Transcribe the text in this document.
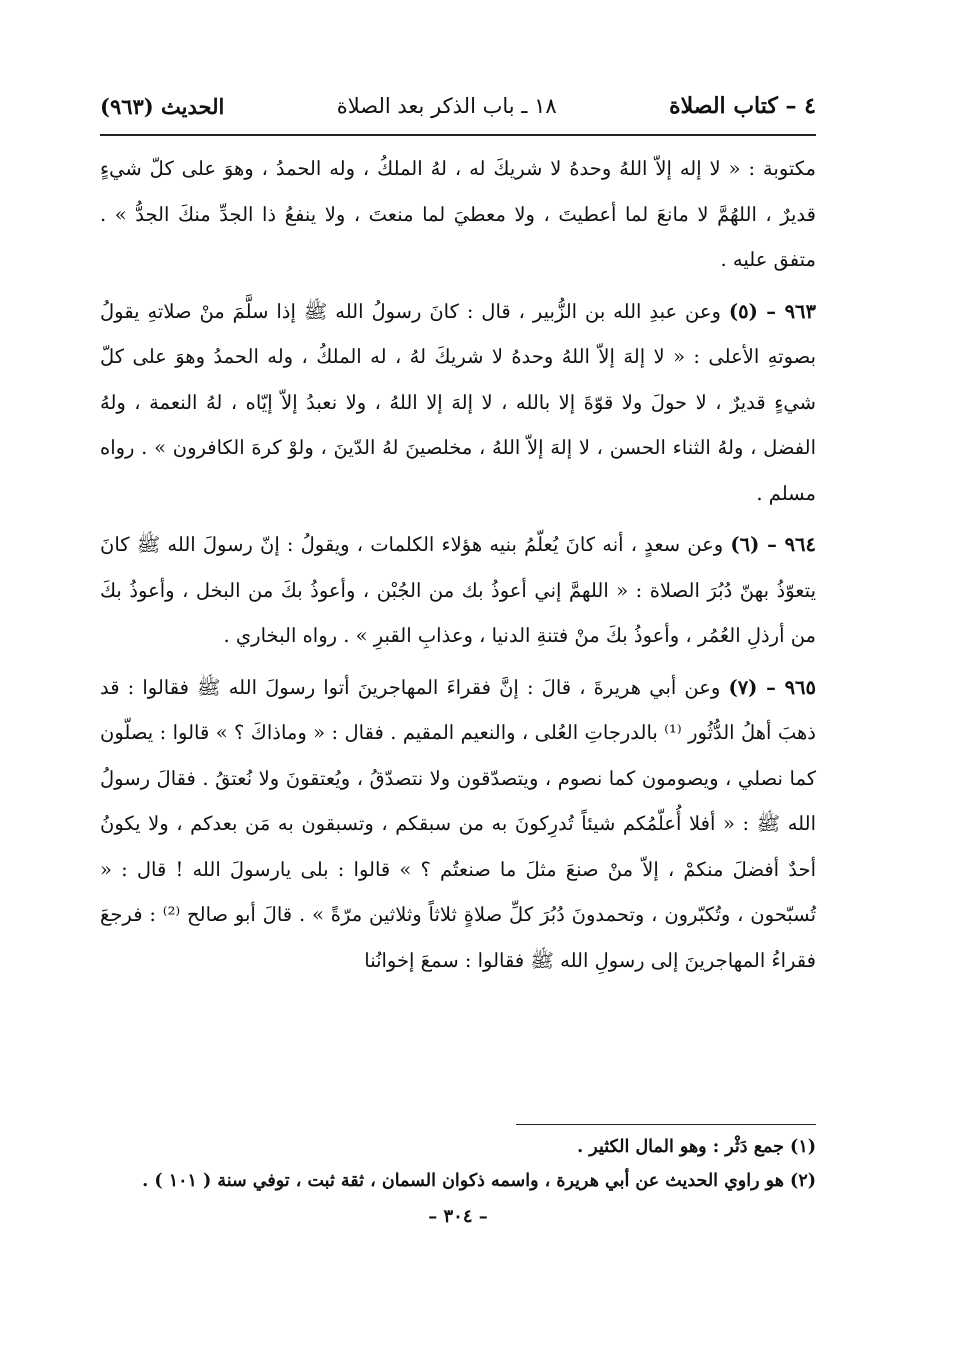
٤ – كتاب الصلاة
١٨ ـ باب الذكر بعد الصلاة
الحديث (٩٦٣)

مكتوبة : « لا إله إلاّ اللهُ وحدهُ لا شريكَ له ، لهُ الملكُ ، وله الحمدُ ، وهوَ على كلّ شيءٍ قديرٌ ، اللهُمَّ لا مانعَ لما أعطيتَ ، ولا معطيَ لما منعتَ ، ولا ينفعُ ذا الجدِّ منكَ الجدُّ » . متفق عليه .

٩٦٣ – (٥) وعن عبدِ الله بن الزُّبير ، قال : كانَ رسولُ الله ﷺ إذا سلَّمَ منْ صلاتهِ يقولُ بصوتهِ الأعلى : « لا إلهَ إلاّ اللهُ وحدهُ لا شريكَ لهُ ، له الملكُ ، وله الحمدُ وهوَ على كلّ شيءٍ قديرٌ ، لا حولَ ولا قوّةَ إلا بالله ، لا إلهَ إلا اللهُ ، ولا نعبدُ إلاّ إيّاه ، لهُ النعمة ، ولهُ الفضل ، ولهُ الثناء الحسن ، لا إلهَ إلاّ اللهُ ، مخلصينَ لهُ الدّينَ ، ولوْ كرهَ الكافرون » . رواه مسلم .

٩٦٤ – (٦) وعن سعدٍ ، أنه كانَ يُعلّمُ بنيه هؤلاء الكلمات ، ويقولُ : إنّ رسولَ الله ﷺ كانَ يتعوّذُ بهنّ دُبُرَ الصلاة : « اللهمَّ إني أعوذُ بك من الجُبْن ، وأعوذُ بكَ من البخل ، وأعوذُ بكَ من أرذلِ العُمُر ، وأعوذُ بكَ منْ فتنةِ الدنيا ، وعذابِ القبرِ » . رواه البخاري .

٩٦٥ – (٧) وعن أبي هريرةَ ، قالَ : إنَّ فقراءَ المهاجرينَ أتوا رسولَ الله ﷺ فقالوا : قد ذهبَ أهلُ الدُّثُور ⁽¹⁾ بالدرجاتِ العُلى ، والنعيم المقيم . فقال : « وماذاكَ ؟ » قالوا : يصلّون كما نصلي ، ويصومون كما نصوم ، ويتصدّقون ولا نتصدّقُ ، ويُعتقونَ ولا نُعتقُ . فقالَ رسولُ الله ﷺ : « أفلا أُعلّمُكم شيئاً تُدرِكونَ به من سبقكم ، وتسبقون به مَن بعدكم ، ولا يكونُ أحدٌ أفضلَ منكمْ ، إلاّ منْ صنعَ مثلَ ما صنعتُم ؟ » قالوا : بلى يارسولَ الله ! قال : « تُسبّحون ، وتُكبّرون ، وتحمدونَ دُبُرَ كلِّ صلاةٍ ثلاثاً وثلاثين مرّةً » . قالَ أبو صالح ⁽²⁾ : فرجعَ فقراءُ المهاجرينَ إلى رسولِ الله ﷺ فقالوا : سمعَ إخوانُنا

(١) جمع دَثْر : وهو المال الكثير .

(٢) هو راوي الحديث عن أبي هريرة ، واسمه ذكوان السمان ، ثقة ثبت ، توفي سنة ( ١٠١ ) .

– ٣٠٤ –
